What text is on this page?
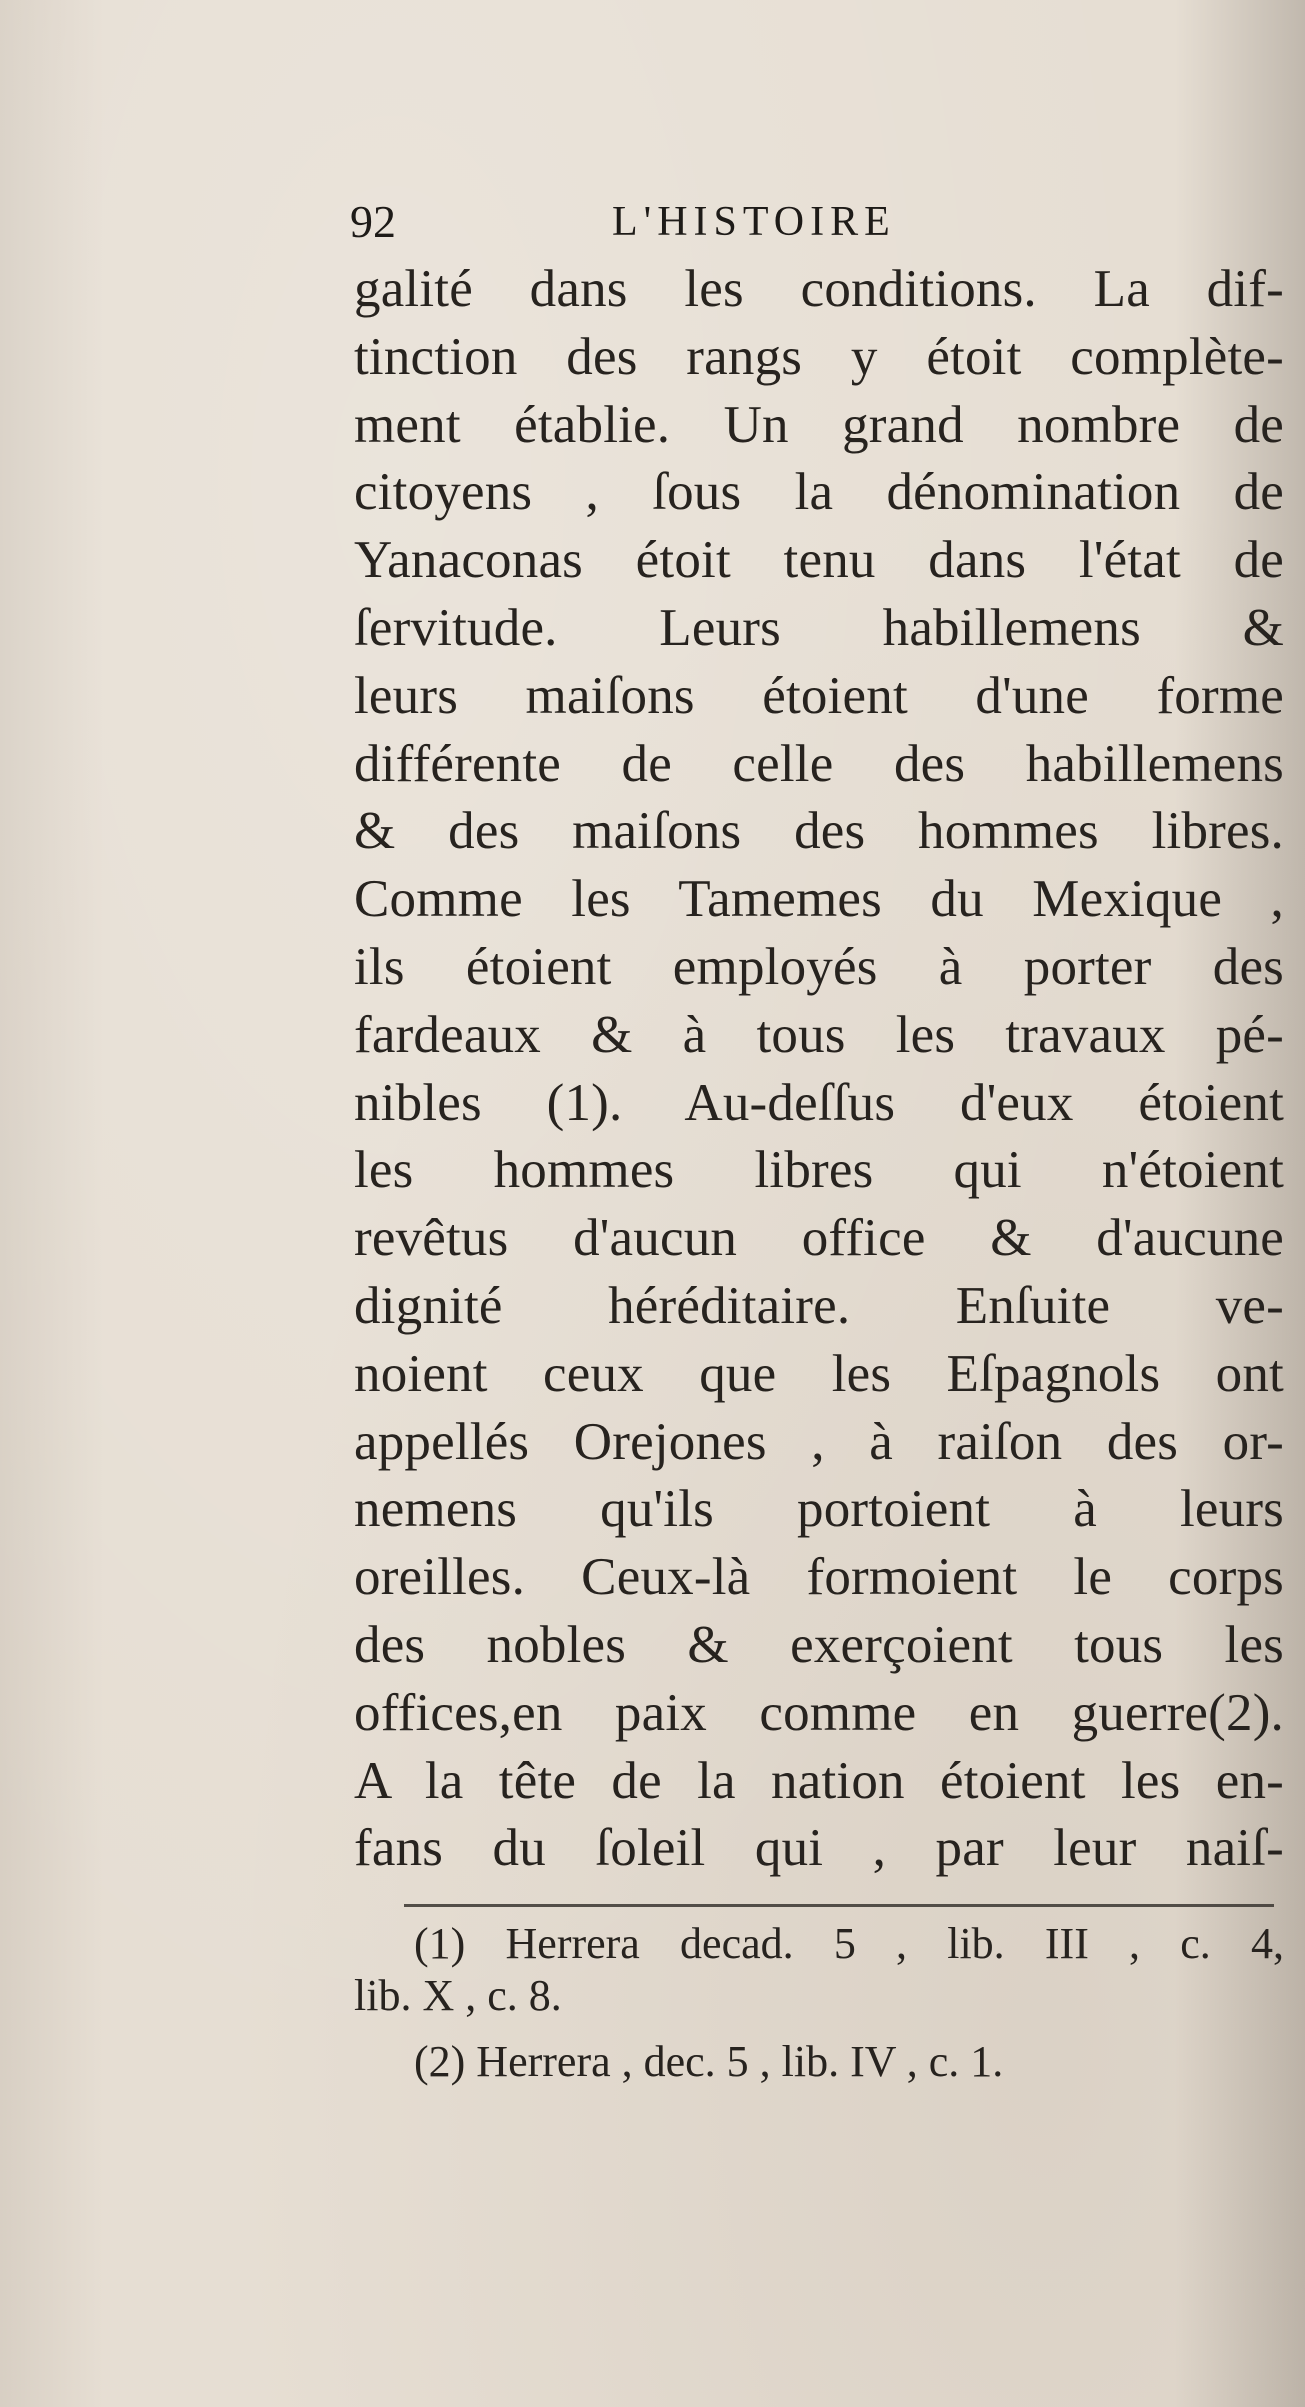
92	L'HISTOIRE
galité dans les conditions. La dif-
tinction des rangs y étoit complète-
ment établie. Un grand nombre de
citoyens , ſous la dénomination de
Yanaconas étoit tenu dans l'état de
ſervitude. Leurs habillemens &
leurs maiſons étoient d'une forme
différente de celle des habillemens
& des maiſons des hommes libres.
Comme les Tamemes du Mexique ,
ils étoient employés à porter des
fardeaux & à tous les travaux pé-
nibles (1). Au-deſſus d'eux étoient
les hommes libres qui n'étoient
revêtus d'aucun office & d'aucune
dignité héréditaire. Enſuite ve-
noient ceux que les Eſpagnols ont
appellés Orejones , à raiſon des or-
nemens qu'ils portoient à leurs
oreilles. Ceux-là formoient le corps
des nobles & exerçoient tous les
offices,en paix comme en guerre(2).
A la tête de la nation étoient les en-
fans du ſoleil qui , par leur naiſ-
(1) Herrera decad. 5 , lib. III , c. 4,
lib. X , c. 8.
(2) Herrera , dec. 5 , lib. IV , c. 1.
